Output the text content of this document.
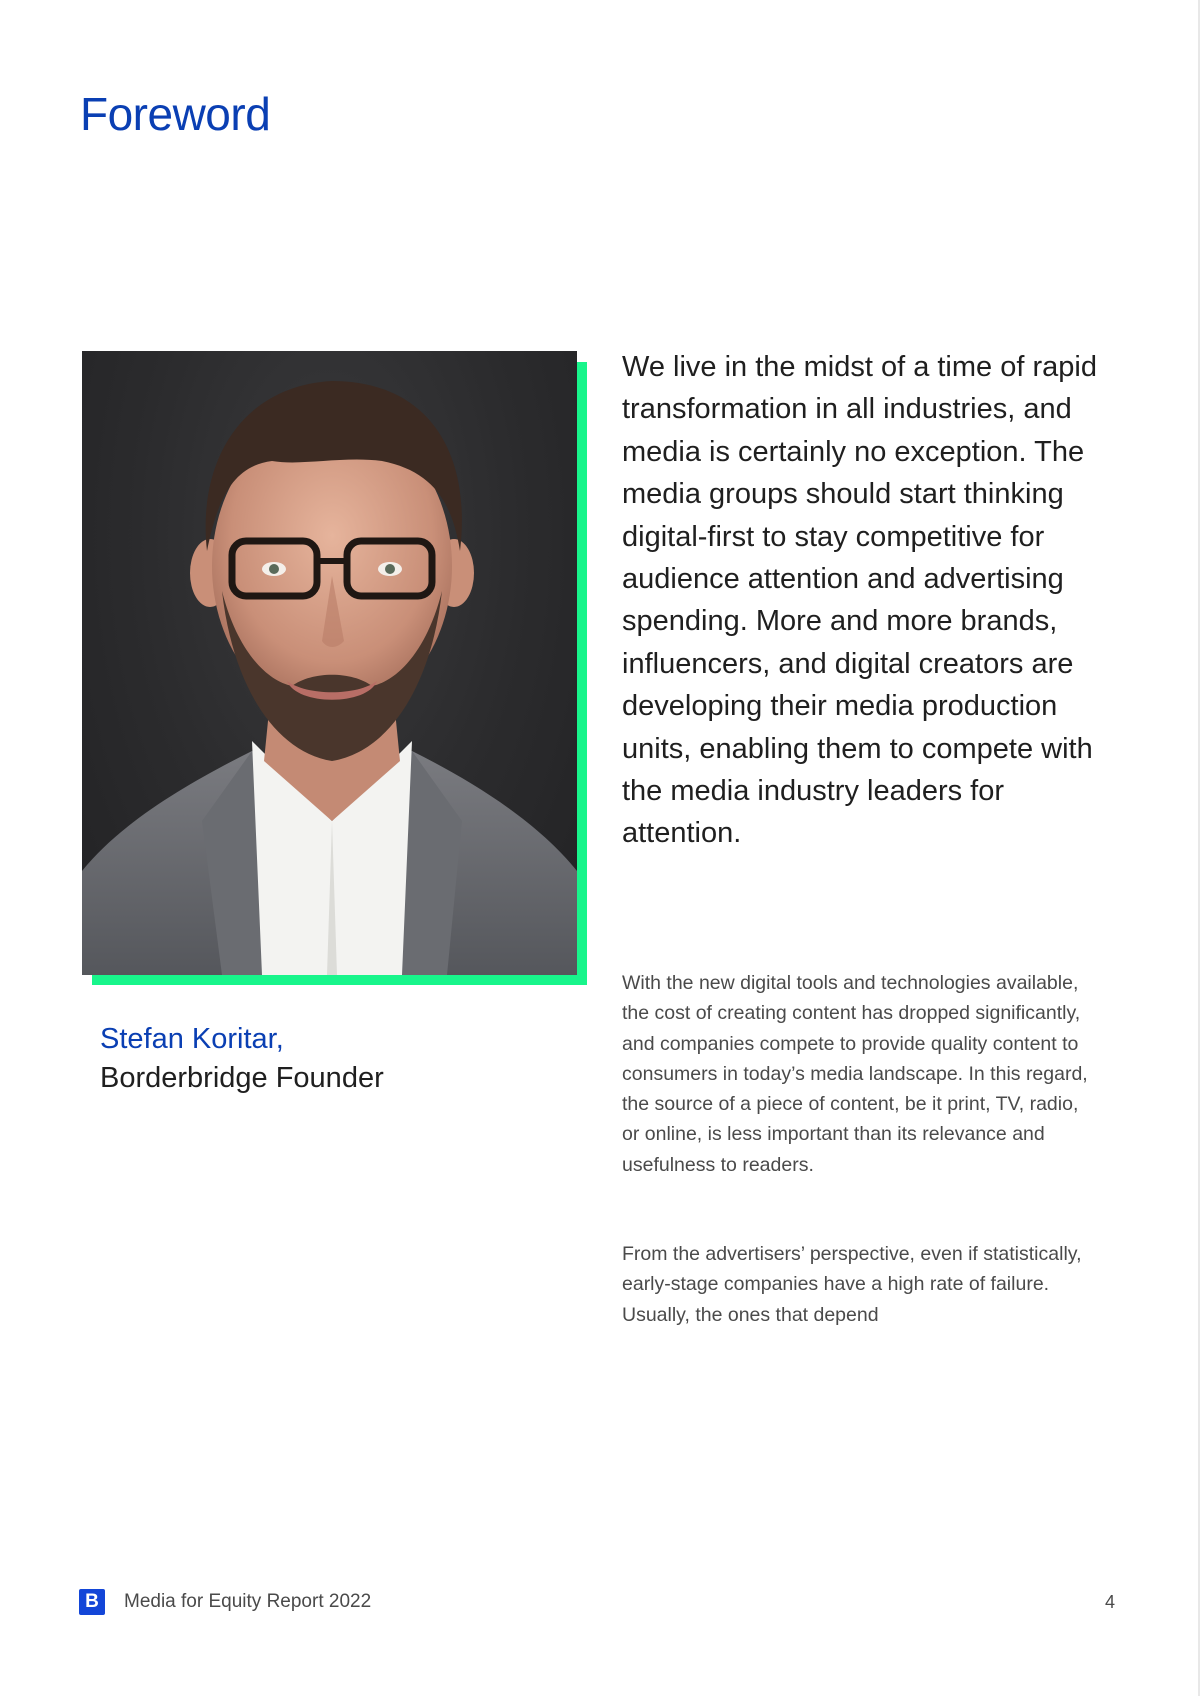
Foreword
Stefan Koritar,
Borderbridge Founder

We live in the midst of a time of rapid transformation in all industries, and media is certainly no exception. The media groups should start thinking digital-first to stay competitive for audience attention and advertising spending. More and more brands, influencers, and digital creators are developing their media production units, enabling them to compete with the media industry leaders for attention.

With the new digital tools and technologies available, the cost of creating content has dropped significantly, and companies compete to provide quality content to consumers in today’s media landscape. In this regard, the source of a piece of content, be it print, TV, radio, or online, is less important than its relevance and usefulness to readers.

From the advertisers’ perspective, even if statistically, early-stage companies have a high rate of failure. Usually, the ones that depend

B	Media for Equity Report 2022	4
